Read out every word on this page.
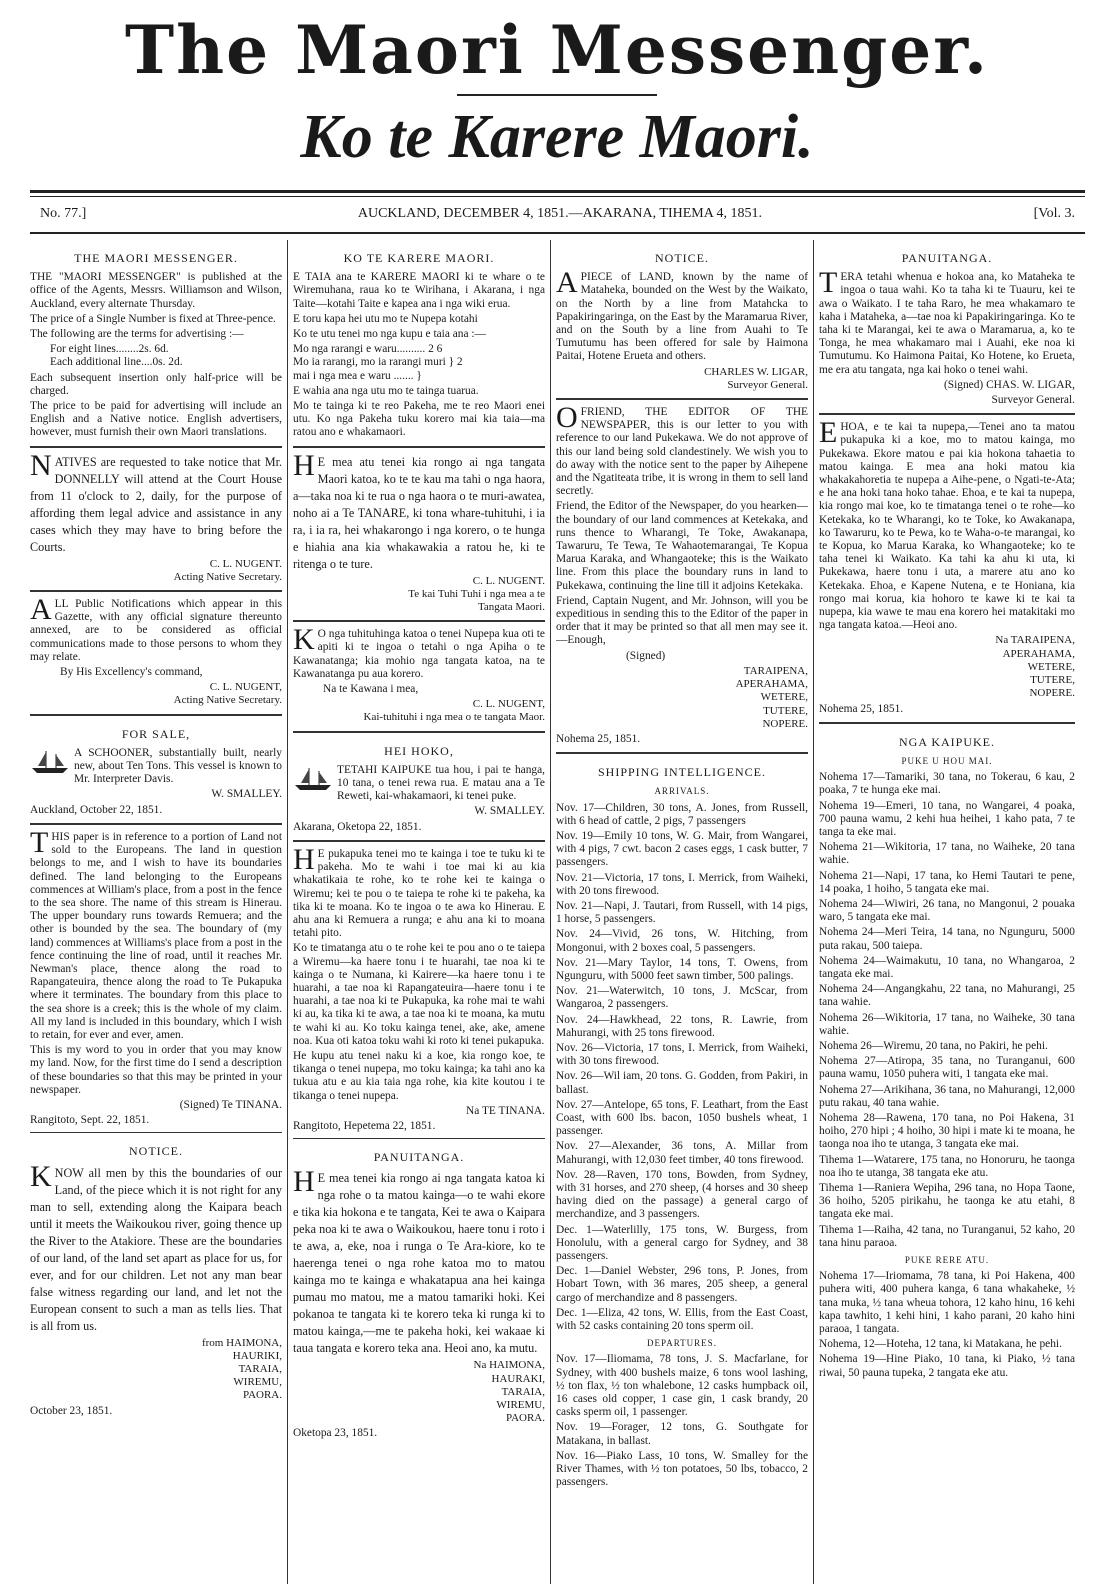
The Maori Messenger.
Ko te Karere Maori.
No. 77.]	AUCKLAND, DECEMBER 4, 1851.—AKARANA, TIHEMA 4, 1851.	[Vol. 3.
THE MAORI MESSENGER.

THE "MAORI MESSENGER" is published at the office of the Agents, Messrs. Williamson and Wilson, Auckland, every alternate Thursday.

The price of a Single Number is fixed at Three-pence.

The following are the terms for advertising :—

For eight lines........2s. 6d.
Each additional line....0s. 2d.

Each subsequent insertion only half-price will be charged.

The price to be paid for advertising will include an English and a Native notice. English advertisers, however, must furnish their own Maori translations.

NATIVES are requested to take notice that Mr. DONNELLY will attend at the Court House from 11 o'clock to 2, daily, for the purpose of affording them legal advice and assistance in any cases which they may have to bring before the Courts.

C. L. NUGENT.
Acting Native Secretary.

ALL Public Notifications which appear in this Gazette, with any official signature thereunto annexed, are to be considered as official communications made to those persons to whom they may relate.

By His Excellency's command,

C. L. NUGENT,
Acting Native Secretary.

FOR SALE,

A SCHOONER, substantially built, nearly new, about Ten Tons. This vessel is known to Mr. Interpreter Davis.

W. SMALLEY.

Auckland, October 22, 1851.

THIS paper is in reference to a portion of Land not sold to the Europeans. The land in question belongs to me, and I wish to have its boundaries defined. The land belonging to the Europeans commences at William's place, from a post in the fence to the sea shore. The name of this stream is Hinerau. The upper boundary runs towards Remuera; and the other is bounded by the sea. The boundary of (my land) commences at Williams's place from a post in the fence continuing the line of road, until it reaches Mr. Newman's place, thence along the road to Rapangateuira, thence along the road to Te Pukapuka where it terminates. The boundary from this place to the sea shore is a creek; this is the whole of my claim. All my land is included in this boundary, which I wish to retain, for ever and ever, amen.

This is my word to you in order that you may know my land. Now, for the first time do I send a description of these boundaries so that this may be printed in your newspaper.

(Signed) Te TINANA.

Rangitoto, Sept. 22, 1851.

NOTICE.

KNOW all men by this the boundaries of our Land, of the piece which it is not right for any man to sell, extending along the Kaipara beach until it meets the Waikoukou river, going thence up the River to the Atakiore. These are the boundaries of our land, of the land set apart as place for us, for ever, and for our children. Let not any man bear false witness regarding our land, and let not the European consent to such a man as tells lies. That is all from us.

from HAIMONA,
HAURIKI,
TARAIA,
WIREMU,
PAORA.

October 23, 1851.

KO TE KARERE MAORI.

E TAIA ana te KARERE MAORI ki te whare o te Wiremuhana, raua ko te Wirihana, i Akarana, i nga Taite—kotahi Taite e kapea ana i nga wiki erua.

E toru kapa hei utu mo te Nupepa kotahi

Ko te utu tenei mo nga kupu e taia ana :—

Mo nga rarangi e waru.......... 2 6
Mo ia rarangi, mo ia rarangi muri } 2
mai i nga mea e waru ....... }

E wahia ana nga utu mo te tainga tuarua.

Mo te tainga ki te reo Pakeha, me te reo Maori enei utu. Ko nga Pakeha tuku korero mai kia taia—ma ratou ano e whakamaori.

HE mea atu tenei kia rongo ai nga tangata Maori katoa, ko te te kau ma tahi o nga haora, a—taka noa ki te rua o nga haora o te muri-awatea, noho ai a Te TANARE, ki tona whare-tuhituhi, i ia ra, i ia ra, hei whakarongo i nga korero, o te hunga e hiahia ana kia whakawakia a ratou he, ki te ritenga o te ture.

C. L. NUGENT.
Te kai Tuhi Tuhi i nga mea a te
Tangata Maori.

KO nga tuhituhinga katoa o tenei Nupepa kua oti te apiti ki te ingoa o tetahi o nga Apiha o te Kawanatanga; kia mohio nga tangata katoa, na te Kawanatanga pu aua korero.

Na te Kawana i mea,

C. L. NUGENT,
Kai-tuhituhi i nga mea o te tangata Maor.

HEI HOKO,

TETAHI KAIPUKE tua hou, i pai te hanga, 10 tana, o tenei rewa rua. E matau ana a Te Reweti, kai-whakamaori, ki tenei puke.

W. SMALLEY.

Akarana, Oketopa 22, 1851.

HE pukapuka tenei mo te kainga i toe te tuku ki te pakeha. Mo te wahi i toe mai ki au kia whakatikaia te rohe, ko te rohe kei te kainga o Wiremu; kei te pou o te taiepa te rohe ki te pakeha, ka tika ki te moana. Ko te ingoa o te awa ko Hinerau. E ahu ana ki Remuera a runga; e ahu ana ki to moana tetahi pito.

Ko te timatanga atu o te rohe kei te pou ano o te taiepa a Wiremu—ka haere tonu i te huarahi, tae noa ki te kainga o te Numana, ki Kairere—ka haere tonu i te huarahi, a tae noa ki Rapangateuira—haere tonu i te huarahi, a tae noa ki te Pukapuka, ka rohe mai te wahi ki au, ka tika ki te awa, a tae noa ki te moana, ka mutu te wahi ki au. Ko toku kainga tenei, ake, ake, amene noa. Kua oti katoa toku wahi ki roto ki tenei pukapuka.

He kupu atu tenei naku ki a koe, kia rongo koe, te tikanga o tenei nupepa, mo toku kainga; ka tahi ano ka tukua atu e au kia taia nga rohe, kia kite koutou i te tikanga o tenei nupepa.

Na TE TINANA.

Rangitoto, Hepetema 22, 1851.

PANUITANGA.

HE mea tenei kia rongo ai nga tangata katoa ki nga rohe o ta matou kainga—o te wahi ekore e tika kia hokona e te tangata, Kei te awa o Kaipara peka noa ki te awa o Waikoukou, haere tonu i roto i te awa, a, eke, noa i runga o Te Ara-kiore, ko te haerenga tenei o nga rohe katoa mo to matou kainga mo te kainga e whakatapua ana hei kainga pumau mo matou, me a matou tamariki hoki. Kei pokanoa te tangata ki te korero teka ki runga ki to matou kainga,—me te pakeha hoki, kei wakaae ki taua tangata e korero teka ana. Heoi ano, ka mutu.

Na HAIMONA,
HAURAKI,
TARAIA,
WIREMU,
PAORA.

Oketopa 23, 1851.

NOTICE.

APIECE of LAND, known by the name of Mataheka, bounded on the West by the Waikato, on the North by a line from Matahcka to Papakiringaringa, on the East by the Maramarua River, and on the South by a line from Auahi to Te Tumutumu has been offered for sale by Haimona Paitai, Hotene Erueta and others.

CHARLES W. LIGAR,
Surveyor General.

OFRIEND, THE EDITOR OF THE NEWSPAPER, this is our letter to you with reference to our land Pukekawa. We do not approve of this our land being sold clandestinely. We wish you to do away with the notice sent to the paper by Aihepene and the Ngatiteata tribe, it is wrong in them to sell land secretly.

Friend, the Editor of the Newspaper, do you hearken—the boundary of our land commences at Ketekaka, and runs thence to Wharangi, Te Toke, Awakanapa, Tawaruru, Te Tewa, Te Wahaotemarangai, Te Kopua Marua Karaka, and Whangaoteke; this is the Waikato line. From this place the boundary runs in land to Pukekawa, continuing the line till it adjoins Ketekaka.

Friend, Captain Nugent, and Mr. Johnson, will you be expeditious in sending this to the Editor of the paper in order that it may be printed so that all men may see it.—Enough,

(Signed)

TARAIPENA,
APERAHAMA,
WETERE,
TUTERE,
NOPERE.

Nohema 25, 1851.

SHIPPING INTELLIGENCE.
ARRIVALS.

Nov. 17—Children, 30 tons, A. Jones, from Russell, with 6 head of cattle, 2 pigs, 7 passengers

Nov. 19—Emily 10 tons, W. G. Mair, from Wangarei, with 4 pigs, 7 cwt. bacon 2 cases eggs, 1 cask butter, 7 passengers.

Nov. 21—Victoria, 17 tons, I. Merrick, from Waiheki, with 20 tons firewood.

Nov. 21—Napi, J. Tautari, from Russell, with 14 pigs, 1 horse, 5 passengers.

Nov. 24—Vivid, 26 tons, W. Hitching, from Mongonui, with 2 boxes coal, 5 passengers.

Nov. 21—Mary Taylor, 14 tons, T. Owens, from Ngunguru, with 5000 feet sawn timber, 500 palings.

Nov. 21—Waterwitch, 10 tons, J. McScar, from Wangaroa, 2 passengers.

Nov. 24—Hawkhead, 22 tons, R. Lawrie, from Mahurangi, with 25 tons firewood.

Nov. 26—Victoria, 17 tons, I. Merrick, from Waiheki, with 30 tons firewood.

Nov. 26—Wil iam, 20 tons. G. Godden, from Pakiri, in ballast.

Nov. 27—Antelope, 65 tons, F. Leathart, from the East Coast, with 600 lbs. bacon, 1050 bushels wheat, 1 passenger.

Nov. 27—Alexander, 36 tons, A. Millar from Mahurangi, with 12,030 feet timber, 40 tons firewood.

Nov. 28—Raven, 170 tons, Bowden, from Sydney, with 31 horses, and 270 sheep, (4 horses and 30 sheep having died on the passage) a general cargo of merchandize, and 3 passengers.

Dec. 1—Waterlilly, 175 tons, W. Burgess, from Honolulu, with a general cargo for Sydney, and 38 passengers.

Dec. 1—Daniel Webster, 296 tons, P. Jones, from Hobart Town, with 36 mares, 205 sheep, a general cargo of merchandize and 8 passengers.

Dec. 1—Eliza, 42 tons, W. Ellis, from the East Coast, with 52 casks containing 20 tons sperm oil.

DEPARTURES.

Nov. 17—Iliomama, 78 tons, J. S. Macfarlane, for Sydney, with 400 bushels maize, 6 tons wool lashing, ½ ton flax, ½ ton whalebone, 12 casks humpback oil, 16 cases old copper, 1 case gin, 1 cask brandy, 20 casks sperm oil, 1 passenger.

Nov. 19—Forager, 12 tons, G. Southgate for Matakana, in ballast.

Nov. 16—Piako Lass, 10 tons, W. Smalley for the River Thames, with ½ ton potatoes, 50 lbs, tobacco, 2 passengers.

PANUITANGA.

TERA tetahi whenua e hokoa ana, ko Mataheka te ingoa o taua wahi. Ko ta taha ki te Tuauru, kei te awa o Waikato. I te taha Raro, he mea whakamaro te kaha i Mataheka, a—tae noa ki Papakiringaringa. Ko te taha ki te Marangai, kei te awa o Maramarua, a, ko te Tonga, he mea whakamaro mai i Auahi, eke noa ki Tumutumu. Ko Haimona Paitai, Ko Hotene, ko Erueta, me era atu tangata, nga kai hoko o tenei wahi.

(Signed) CHAS. W. LIGAR,

Surveyor General.

EHOA, e te kai ta nupepa,—Tenei ano ta matou pukapuka ki a koe, mo to matou kainga, mo Pukekawa. Ekore matou e pai kia hokona tahaetia to matou kainga. E mea ana hoki matou kia whakakahoretia te nupepa a Aihe-pene, o Ngati-te-Ata; e he ana hoki tana hoko tahae. Ehoa, e te kai ta nupepa, kia rongo mai koe, ko te timatanga tenei o te rohe—ko Ketekaka, ko te Wharangi, ko te Toke, ko Awakanapa, ko Tawaruru, ko te Pewa, ko te Waha-o-te marangai, ko te Kopua, ko Marua Karaka, ko Whangaoteke; ko te taha tenei ki Waikato. Ka tahi ka ahu ki uta, ki Pukekawa, haere tonu i uta, a marere atu ano ko Ketekaka. Ehoa, e Kapene Nutena, e te Honiana, kia rongo mai korua, kia hohoro te kawe ki te kai ta nupepa, kia wawe te mau ena korero hei matakitaki mo nga tangata katoa.—Heoi ano.

Na TARAIPENA,
APERAHAMA,
WETERE,
TUTERE,
NOPERE.

Nohema 25, 1851.

NGA KAIPUKE.
PUKE U HOU MAI.

Nohema 17—Tamariki, 30 tana, no Tokerau, 6 kau, 2 poaka, 7 te hunga eke mai.

Nohema 19—Emeri, 10 tana, no Wangarei, 4 poaka, 700 pauna wamu, 2 kehi hua heihei, 1 kaho pata, 7 te tanga ta eke mai.

Nohema 21—Wikitoria, 17 tana, no Waiheke, 20 tana wahie.

Nohema 21—Napi, 17 tana, ko Hemi Tautari te pene, 14 poaka, 1 hoiho, 5 tangata eke mai.

Nohema 24—Wiwiri, 26 tana, no Mangonui, 2 pouaka waro, 5 tangata eke mai.

Nohema 24—Meri Teira, 14 tana, no Ngunguru, 5000 puta rakau, 500 taiepa.

Nohema 24—Waimakutu, 10 tana, no Whangaroa, 2 tangata eke mai.

Nohema 24—Angangkahu, 22 tana, no Mahurangi, 25 tana wahie.

Nohema 26—Wikitoria, 17 tana, no Waiheke, 30 tana wahie.

Nohema 26—Wiremu, 20 tana, no Pakiri, he pehi.

Nohema 27—Atiropa, 35 tana, no Turanganui, 600 pauna wamu, 1050 puhera witi, 1 tangata eke mai.

Nohema 27—Arikihana, 36 tana, no Mahurangi, 12,000 putu rakau, 40 tana wahie.

Nohema 28—Rawena, 170 tana, no Poi Hakena, 31 hoiho, 270 hipi ; 4 hoiho, 30 hipi i mate ki te moana, he taonga noa iho te utanga, 3 tangata eke mai.

Tihema 1—Watarere, 175 tana, no Honoruru, he taonga noa iho te utanga, 38 tangata eke atu.

Tihema 1—Raniera Wepiha, 296 tana, no Hopa Taone, 36 hoiho, 5205 pirikahu, he taonga ke atu etahi, 8 tangata eke mai.

Tihema 1—Raiha, 42 tana, no Turanganui, 52 kaho, 20 tana hinu paraoa.

PUKE RERE ATU.

Nohema 17—Iriomama, 78 tana, ki Poi Hakena, 400 puhera witi, 400 puhera kanga, 6 tana whakaheke, ½ tana muka, ½ tana wheua tohora, 12 kaho hinu, 16 kehi kapa tawhito, 1 kehi hini, 1 kaho parani, 20 kaho hini paraoa, 1 tangata.

Nohema, 12—Hoteha, 12 tana, ki Matakana, he pehi.

Nohema 19—Hine Piako, 10 tana, ki Piako, ½ tana riwai, 50 pauna tupeka, 2 tangata eke atu.
